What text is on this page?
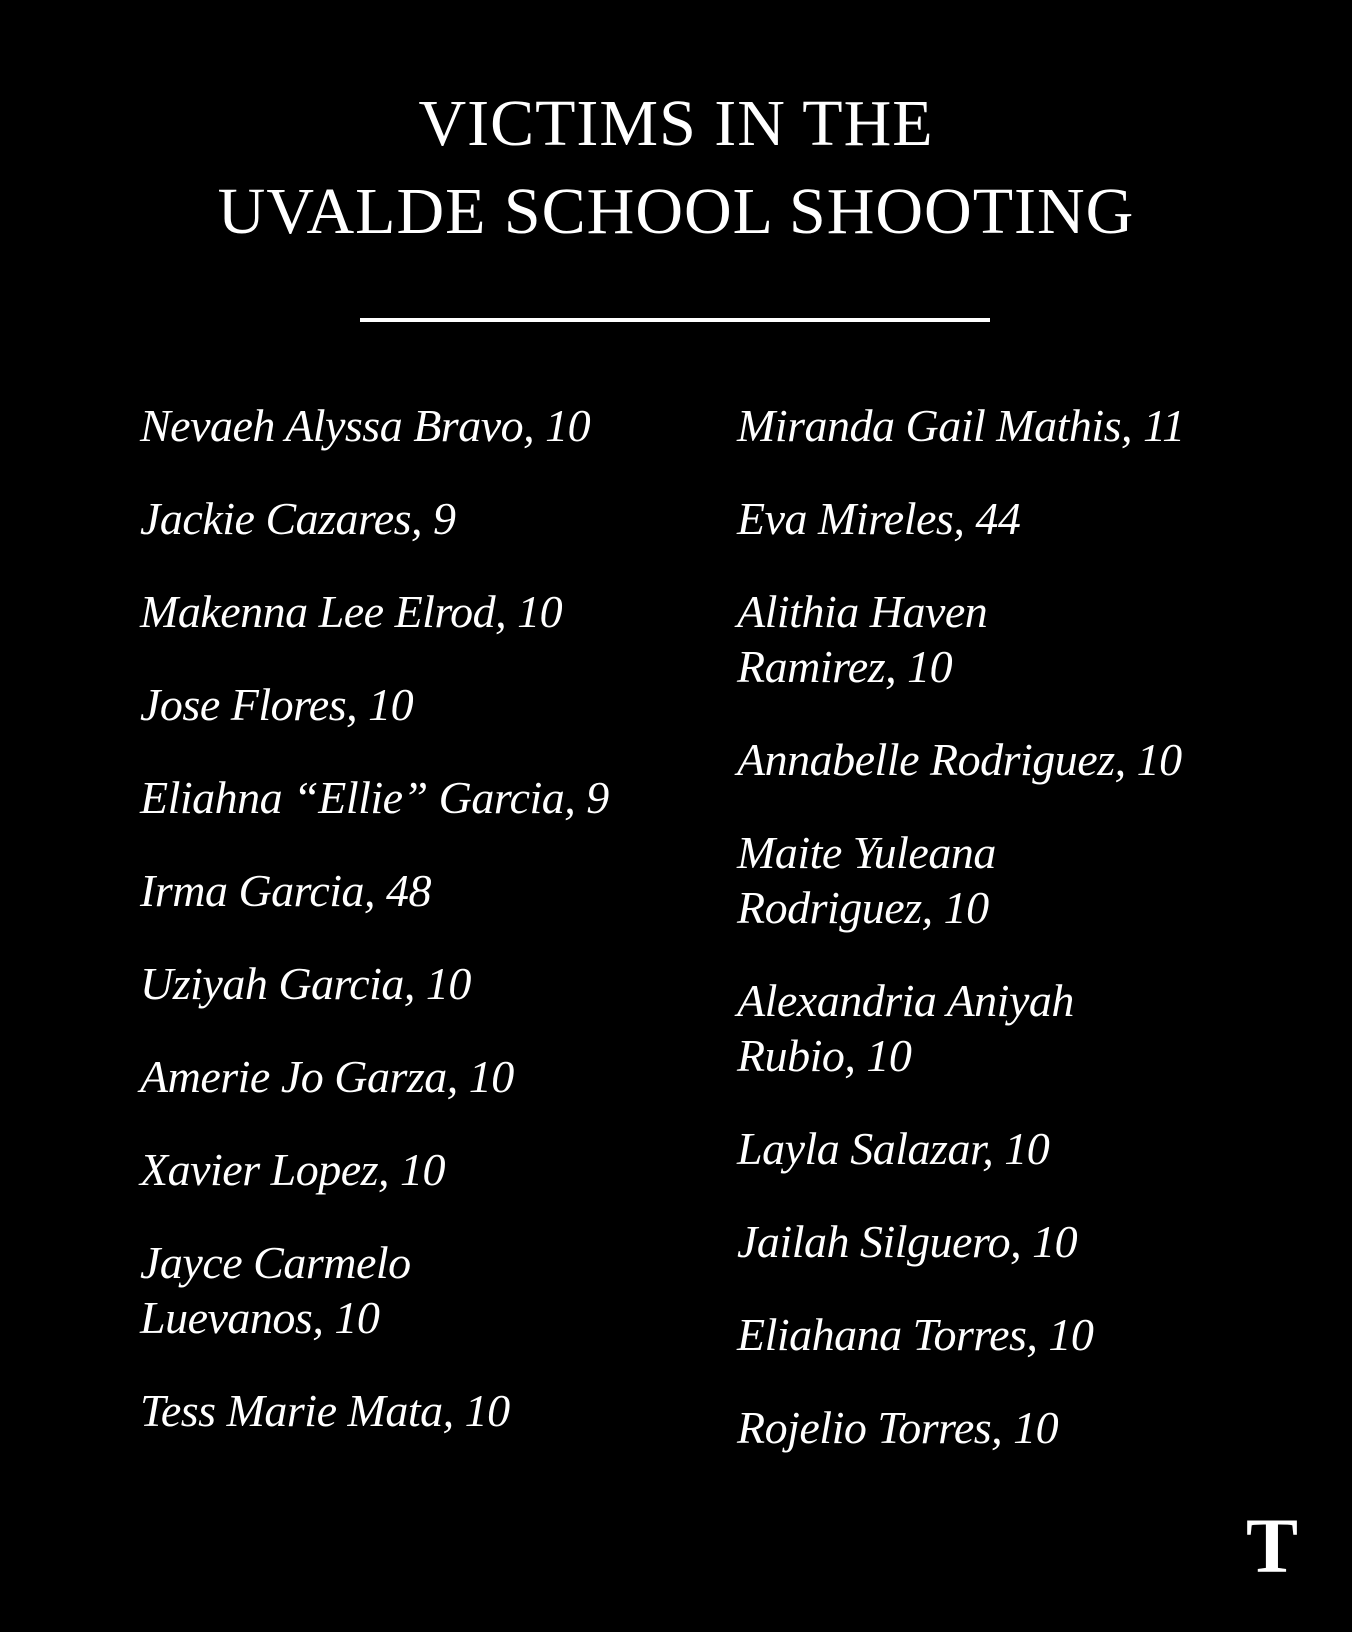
VICTIMS IN THE
UVALDE SCHOOL SHOOTING
Nevaeh Alyssa Bravo, 10
Jackie Cazares, 9
Makenna Lee Elrod, 10
Jose Flores, 10
Eliahna “Ellie” Garcia, 9
Irma Garcia, 48
Uziyah Garcia, 10
Amerie Jo Garza, 10
Xavier Lopez, 10
Jayce Carmelo
Luevanos, 10
Tess Marie Mata, 10
Miranda Gail Mathis, 11
Eva Mireles, 44
Alithia Haven
Ramirez, 10
Annabelle Rodriguez, 10
Maite Yuleana
Rodriguez, 10
Alexandria Aniyah
Rubio, 10
Layla Salazar, 10
Jailah Silguero, 10
Eliahana Torres, 10
Rojelio Torres, 10
T
